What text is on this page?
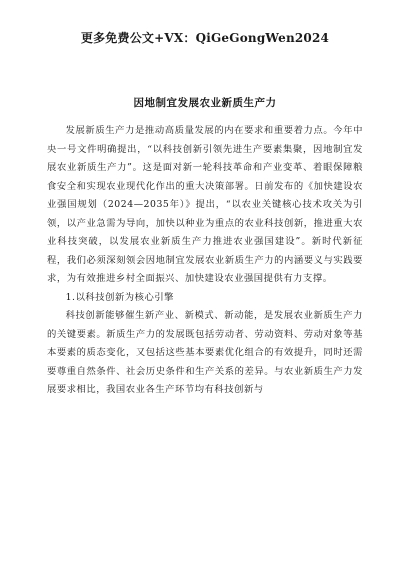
更多免费公文+VX：QiGeGongWen2024
因地制宜发展农业新质生产力

发展新质生产力是推动高质量发展的内在要求和重要着力点。今年中央一号文件明确提出，“以科技创新引领先进生产要素集聚，因地制宜发展农业新质生产力”。这是面对新一轮科技革命和产业变革、着眼保障粮食安全和实现农业现代化作出的重大决策部署。日前发布的《加快建设农业强国规划（2024—2035年）》提出，“以农业关键核心技术攻关为引领，以产业急需为导向，加快以种业为重点的农业科技创新，推进重大农业科技突破，以发展农业新质生产力推进农业强国建设”。新时代新征程，我们必须深刻领会因地制宜发展农业新质生产力的内涵要义与实践要求，为有效推进乡村全面振兴、加快建设农业强国提供有力支撑。

1.以科技创新为核心引擎

科技创新能够催生新产业、新模式、新动能，是发展农业新质生产力的关键要素。新质生产力的发展既包括劳动者、劳动资料、劳动对象等基本要素的质态变化，又包括这些基本要素优化组合的有效提升，同时还需要尊重自然条件、社会历史条件和生产关系的差异。与农业新质生产力发展要求相比，我国农业各生产环节均有科技创新与
